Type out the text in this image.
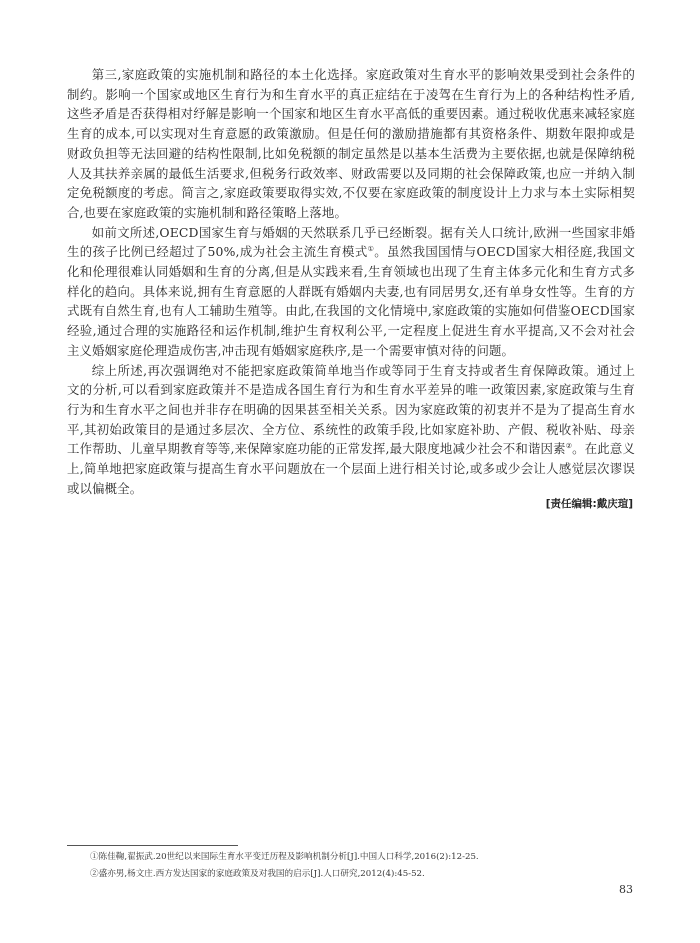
第三,家庭政策的实施机制和路径的本土化选择。家庭政策对生育水平的影响效果受到社会条件的制约。影响一个国家或地区生育行为和生育水平的真正症结在于凌驾在生育行为上的各种结构性矛盾,这些矛盾是否获得相对纾解是影响一个国家和地区生育水平高低的重要因素。通过税收优惠来减轻家庭生育的成本,可以实现对生育意愿的政策激励。但是任何的激励措施都有其资格条件、期数年限抑或是财政负担等无法回避的结构性限制,比如免税额的制定虽然是以基本生活费为主要依据,也就是保障纳税人及其扶养亲属的最低生活要求,但税务行政效率、财政需要以及同期的社会保障政策,也应一并纳入制定免税额度的考虑。简言之,家庭政策要取得实效,不仅要在家庭政策的制度设计上力求与本土实际相契合,也要在家庭政策的实施机制和路径策略上落地。

如前文所述,OECD国家生育与婚姻的天然联系几乎已经断裂。据有关人口统计,欧洲一些国家非婚生的孩子比例已经超过了50%,成为社会主流生育模式①。虽然我国国情与OECD国家大相径庭,我国文化和伦理很难认同婚姻和生育的分离,但是从实践来看,生育领域也出现了生育主体多元化和生育方式多样化的趋向。具体来说,拥有生育意愿的人群既有婚姻内夫妻,也有同居男女,还有单身女性等。生育的方式既有自然生育,也有人工辅助生殖等。由此,在我国的文化情境中,家庭政策的实施如何借鉴OECD国家经验,通过合理的实施路径和运作机制,维护生育权利公平,一定程度上促进生育水平提高,又不会对社会主义婚姻家庭伦理造成伤害,冲击现有婚姻家庭秩序,是一个需要审慎对待的问题。

综上所述,再次强调绝对不能把家庭政策简单地当作或等同于生育支持或者生育保障政策。通过上文的分析,可以看到家庭政策并不是造成各国生育行为和生育水平差异的唯一政策因素,家庭政策与生育行为和生育水平之间也并非存在明确的因果甚至相关关系。因为家庭政策的初衷并不是为了提高生育水平,其初始政策目的是通过多层次、全方位、系统性的政策手段,比如家庭补助、产假、税收补贴、母亲工作帮助、儿童早期教育等等,来保障家庭功能的正常发挥,最大限度地减少社会不和谐因素②。在此意义上,简单地把家庭政策与提高生育水平问题放在一个层面上进行相关讨论,或多或少会让人感觉层次谬误或以偏概全。

[责任编辑:戴庆瑄]

①陈佳鞠,翟振武.20世纪以来国际生育水平变迁历程及影响机制分析[J].中国人口科学,2016(2):12-25.

②盛亦男,杨文庄.西方发达国家的家庭政策及对我国的启示[J].人口研究,2012(4):45-52.

83
